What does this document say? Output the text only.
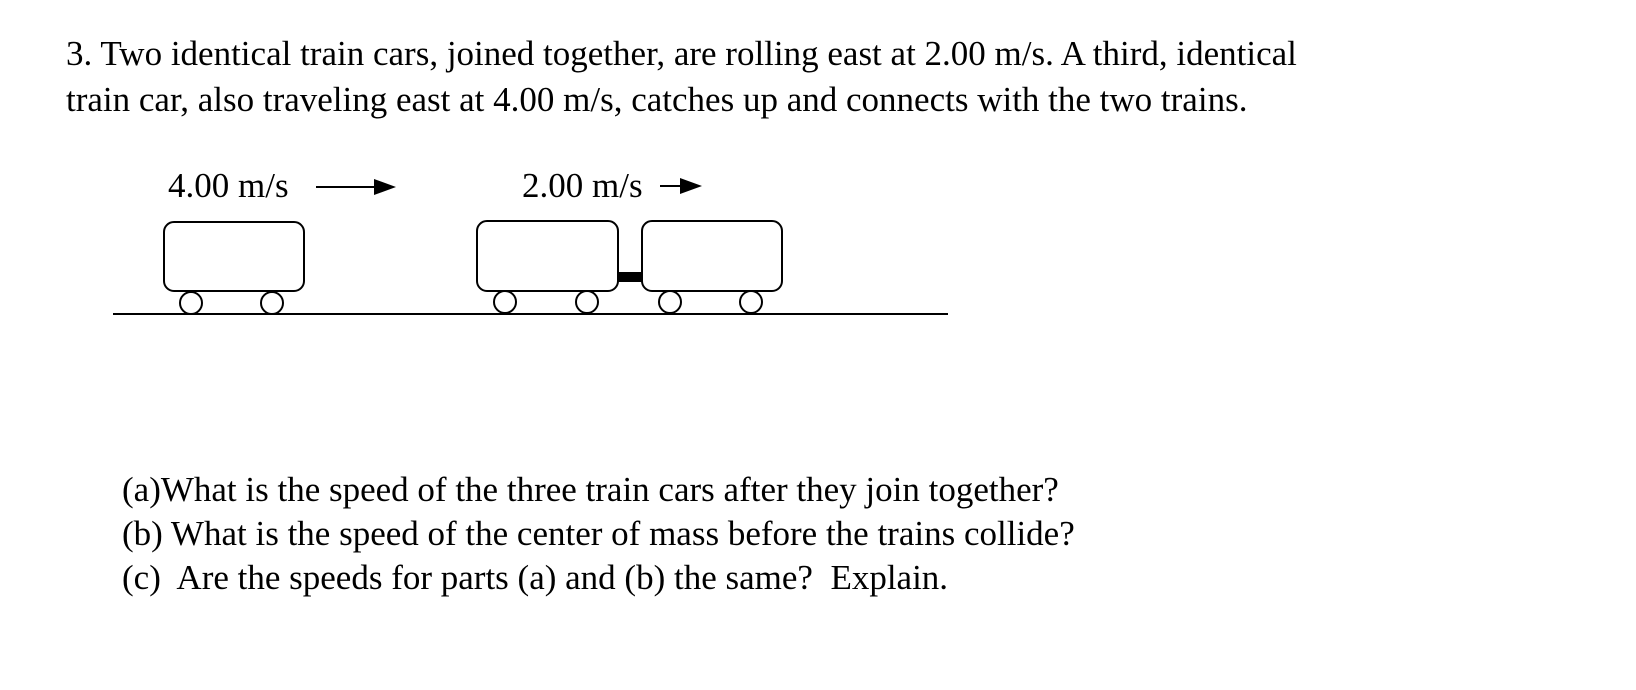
3. Two identical train cars, joined together, are rolling east at 2.00 m/s. A third, identical

train car, also traveling east at 4.00 m/s, catches up and connects with the two trains.

4.00 m/s	2.00 m/s
(a)What is the speed of the three train cars after they join together?
(b) What is the speed of the center of mass before the trains collide?
(c)  Are the speeds for parts (a) and (b) the same?  Explain.
